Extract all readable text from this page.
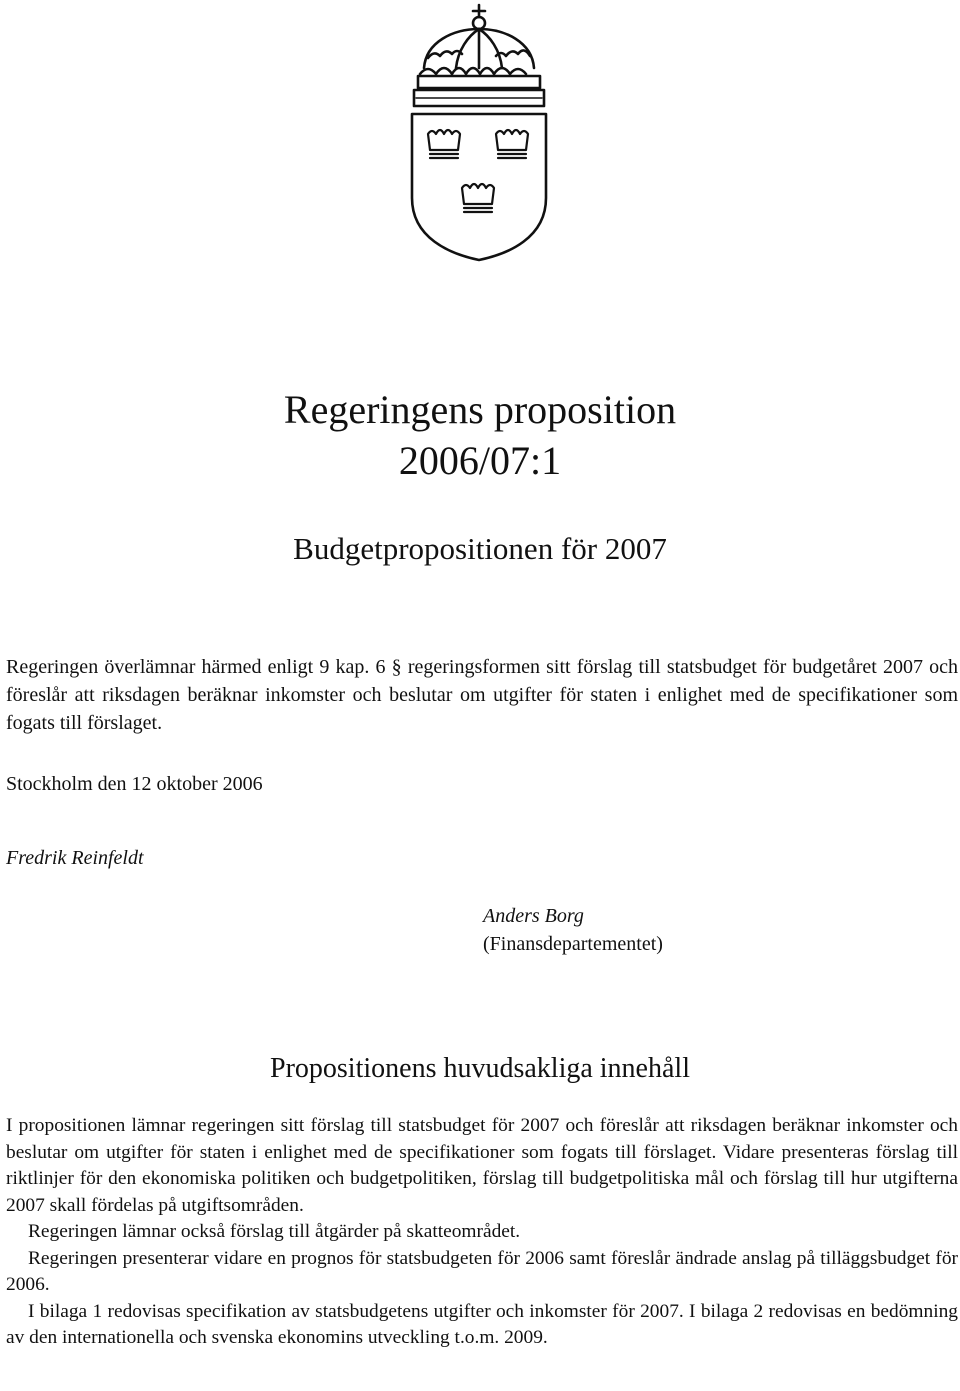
Regeringens proposition
2006/07:1
Budgetpropositionen för 2007

Regeringen överlämnar härmed enligt 9 kap. 6 § regeringsformen sitt förslag till statsbudget för budgetåret 2007 och föreslår att riksdagen beräknar inkomster och beslutar om utgifter för staten i enlighet med de specifikationer som fogats till förslaget.

Stockholm den 12 oktober 2006

Fredrik Reinfeldt

Anders Borg

(Finansdepartementet)

Propositionens huvudsakliga innehåll

I propositionen lämnar regeringen sitt förslag till statsbudget för 2007 och föreslår att riksdagen beräknar inkomster och beslutar om utgifter för staten i enlighet med de specifikationer som fogats till förslaget. Vidare presenteras förslag till riktlinjer för den ekonomiska politiken och budgetpolitiken, förslag till budgetpolitiska mål och förslag till hur utgifterna 2007 skall fördelas på utgiftsområden.

Regeringen lämnar också förslag till åtgärder på skatteområdet.

Regeringen presenterar vidare en prognos för statsbudgeten för 2006 samt föreslår ändrade anslag på tilläggsbudget för 2006.

I bilaga 1 redovisas specifikation av statsbudgetens utgifter och inkomster för 2007. I bilaga 2 redovisas en bedömning av den internationella och svenska ekonomins utveckling t.o.m. 2009.
